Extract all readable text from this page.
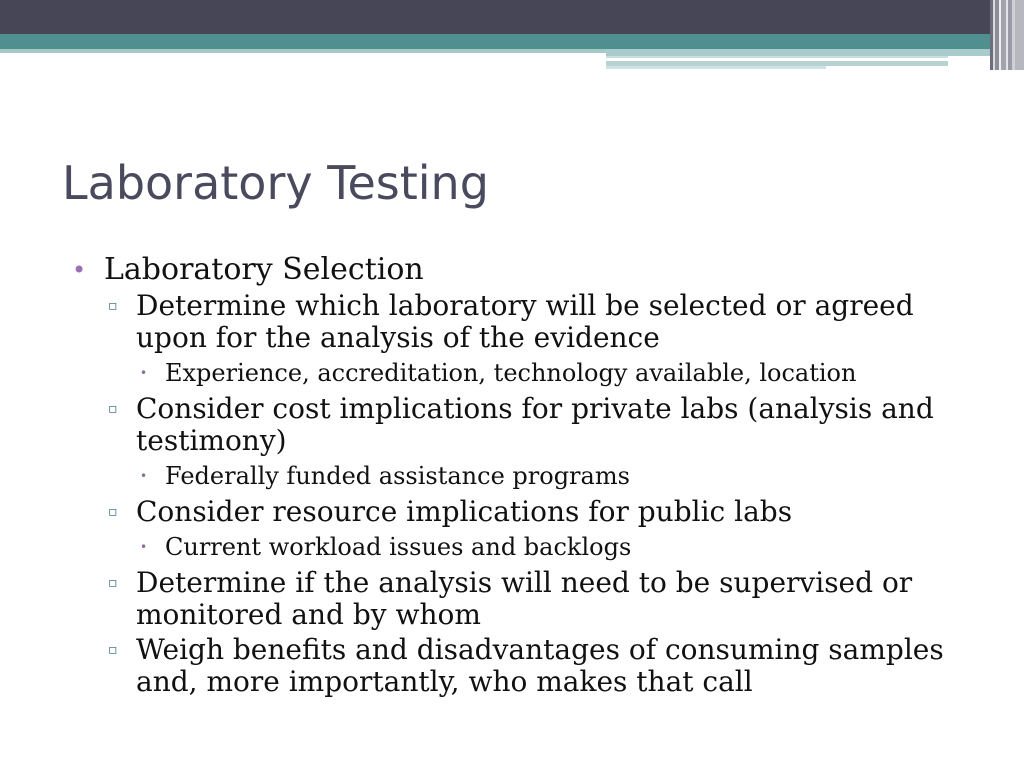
Laboratory Testing
• Laboratory Selection
▫ Determine which laboratory will be selected or agreed upon for the analysis of the evidence
• Experience, accreditation, technology available, location
▫ Consider cost implications for private labs (analysis and testimony)
• Federally funded assistance programs
▫ Consider resource implications for public labs
• Current workload issues and backlogs
▫ Determine if the analysis will need to be supervised or monitored and by whom
▫ Weigh benefits and disadvantages of consuming samples and, more importantly, who makes that call
